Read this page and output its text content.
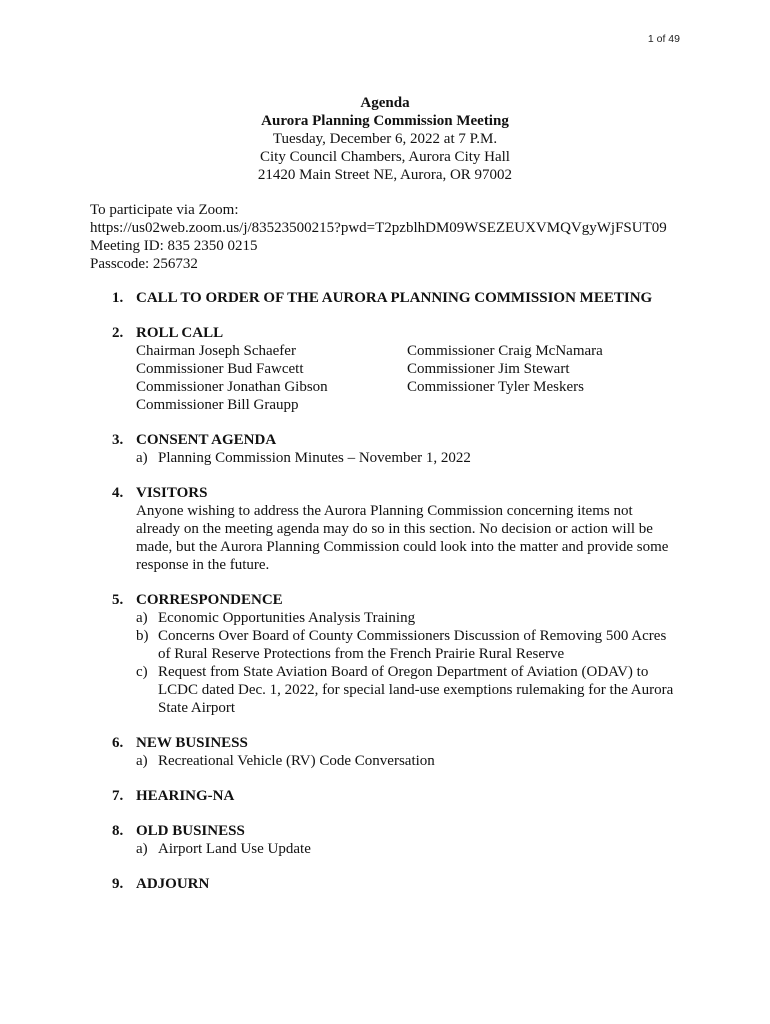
1 of 49
Agenda
Aurora Planning Commission Meeting
Tuesday, December 6, 2022 at 7 P.M.
City Council Chambers, Aurora City Hall
21420 Main Street NE, Aurora, OR 97002
To participate via Zoom:
https://us02web.zoom.us/j/83523500215?pwd=T2pzblhDM09WSEZEUXVMQVgyWjFSUT09
Meeting ID: 835 2350 0215
Passcode: 256732
1. CALL TO ORDER OF THE AURORA PLANNING COMMISSION MEETING
2. ROLL CALL
Chairman Joseph Schaefer
Commissioner Bud Fawcett
Commissioner Jonathan Gibson
Commissioner Bill Graupp
Commissioner Craig McNamara
Commissioner Jim Stewart
Commissioner Tyler Meskers
3. CONSENT AGENDA
a) Planning Commission Minutes – November 1, 2022
4. VISITORS
Anyone wishing to address the Aurora Planning Commission concerning items not
already on the meeting agenda may do so in this section. No decision or action will be
made, but the Aurora Planning Commission could look into the matter and provide some
response in the future.
5. CORRESPONDENCE
a) Economic Opportunities Analysis Training
b) Concerns Over Board of County Commissioners Discussion of Removing 500 Acres
of Rural Reserve Protections from the French Prairie Rural Reserve
c) Request from State Aviation Board of Oregon Department of Aviation (ODAV) to
LCDC dated Dec. 1, 2022, for special land-use exemptions rulemaking for the Aurora
State Airport
6. NEW BUSINESS
a) Recreational Vehicle (RV) Code Conversation
7. HEARING-NA
8. OLD BUSINESS
a) Airport Land Use Update
9. ADJOURN
